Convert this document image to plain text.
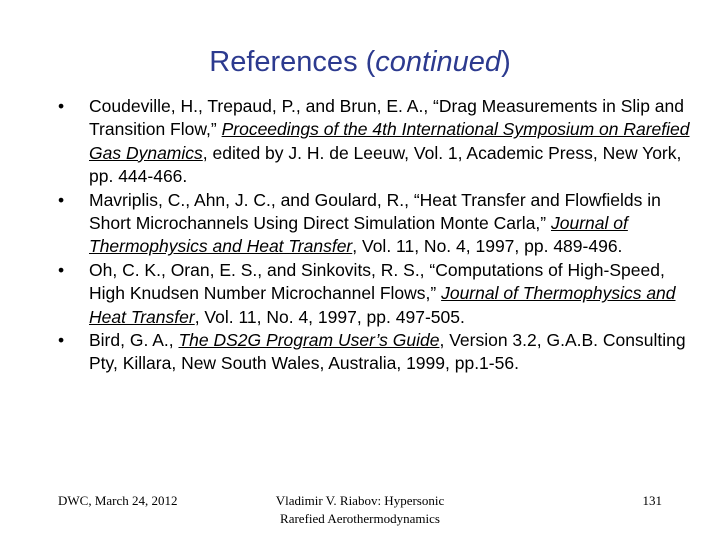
References (continued)
•	Coudeville, H., Trepaud, P., and Brun, E. A., “Drag Measurements in Slip and Transition Flow,” Proceedings of the 4th International Symposium on Rarefied Gas Dynamics, edited by J. H. de Leeuw, Vol. 1, Academic Press, New York, pp. 444-466.
•	Mavriplis, C., Ahn, J. C., and Goulard, R., “Heat Transfer and Flowfields in Short Microchannels Using Direct Simulation Monte Carla,” Journal of Thermophysics and Heat Transfer, Vol. 11, No. 4, 1997, pp. 489-496.
•	Oh, C. K., Oran, E. S., and Sinkovits, R. S., “Computations of High-Speed, High Knudsen Number Microchannel Flows,” Journal of Thermophysics and Heat Transfer, Vol. 11, No. 4, 1997, pp. 497-505.
•	Bird, G. A., The DS2G Program User’s Guide, Version 3.2, G.A.B. Consulting Pty, Killara, New South Wales, Australia, 1999, pp.1-56.
DWC, March 24, 2012	Vladimir V. Riabov: Hypersonic
Rarefied Aerothermodynamics
131
